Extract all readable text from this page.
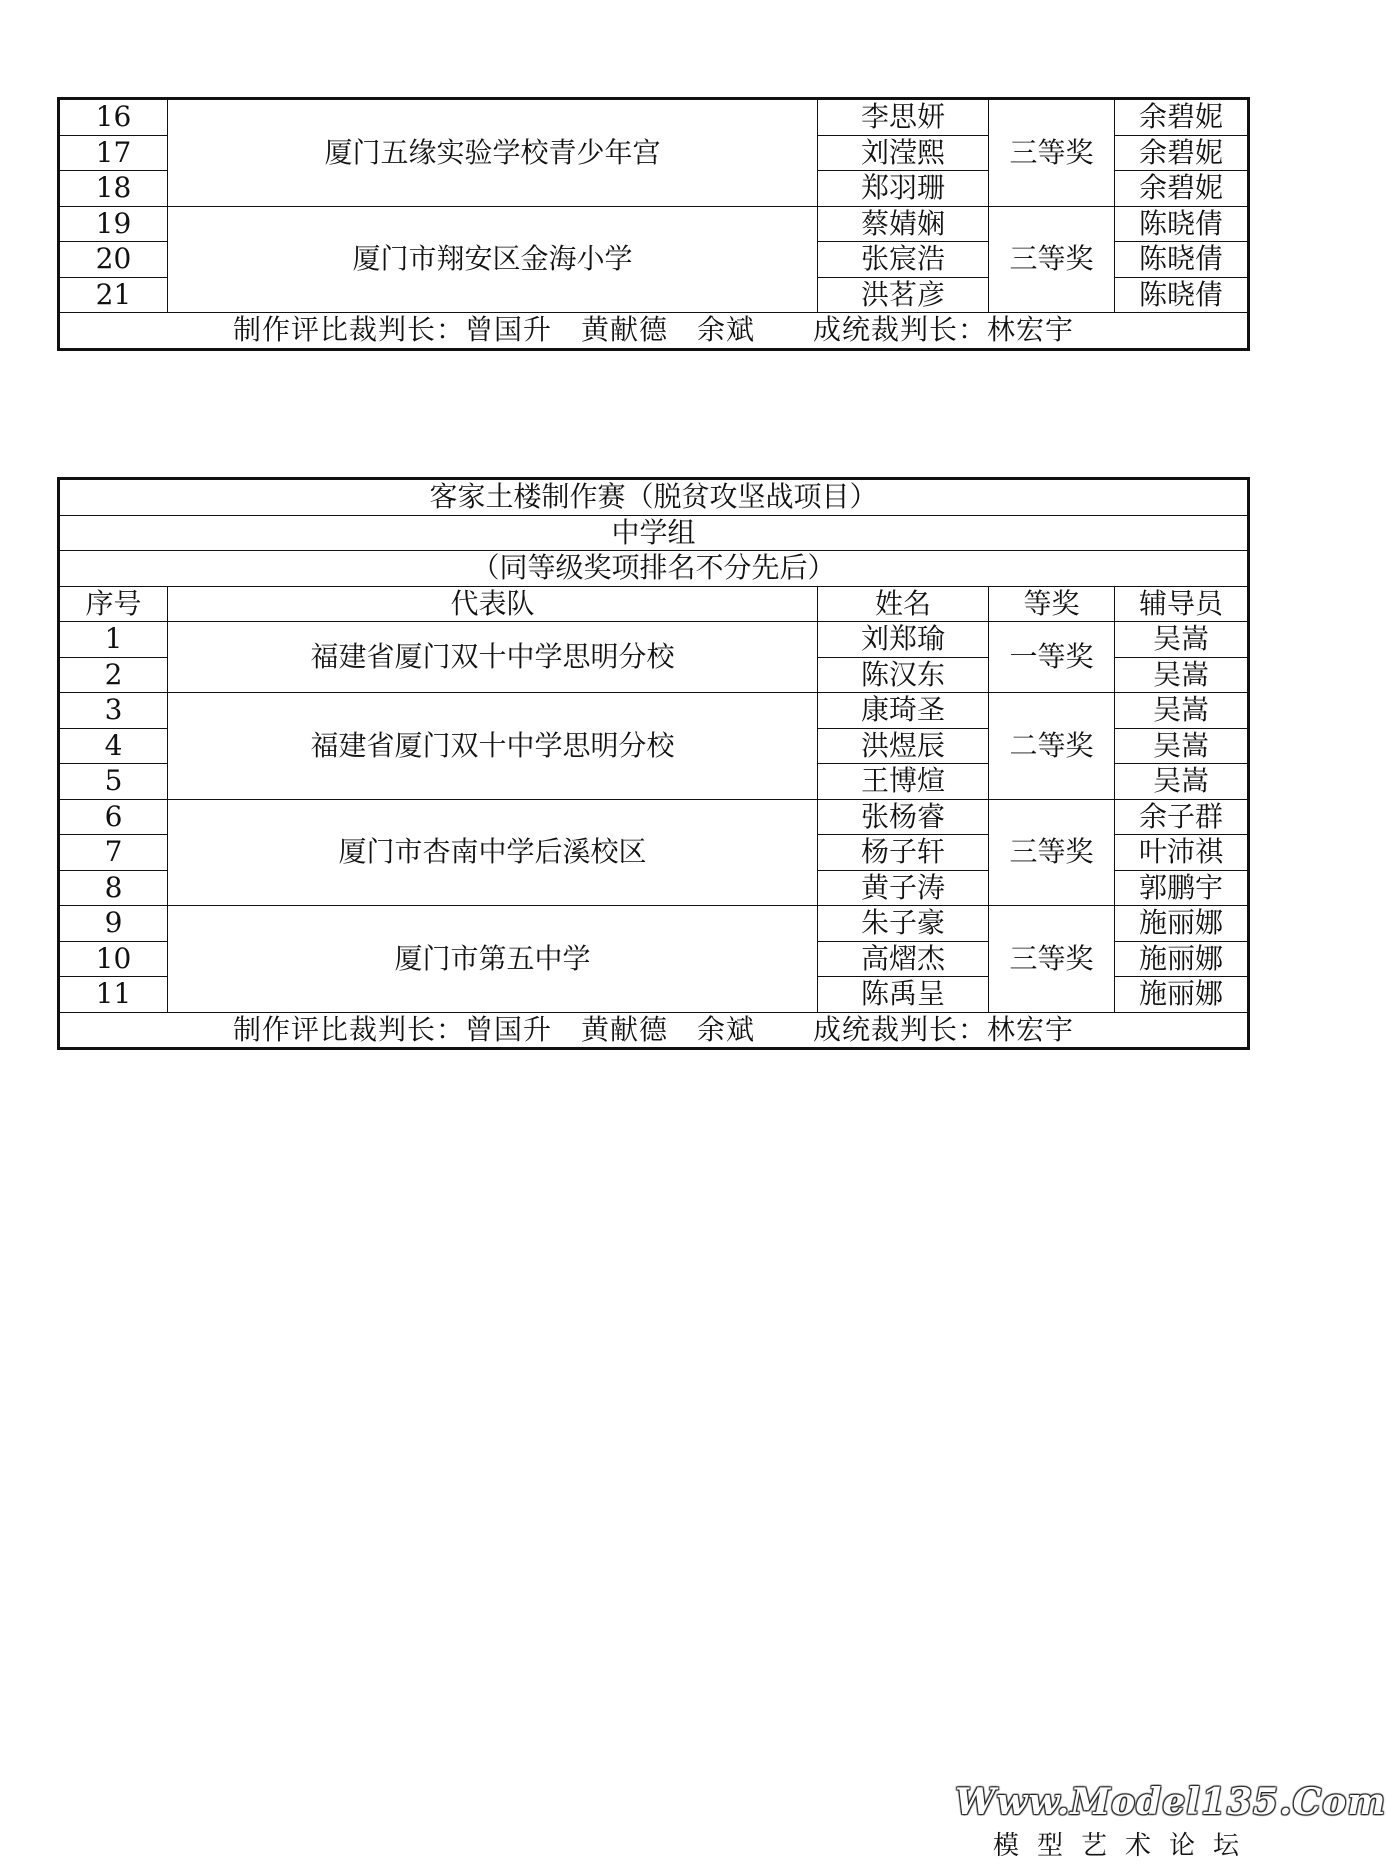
16	厦门五缘实验学校青少年宫	李思妍	三等奖	余碧妮
17		刘滢熙		余碧妮
18		郑羽珊		余碧妮
19	厦门市翔安区金海小学	蔡婧娴	三等奖	陈晓倩
20		张宸浩		陈晓倩
21		洪茗彦		陈晓倩
制作评比裁判长：曾国升　黄献德　余斌　　成统裁判长：林宏宇				
客家土楼制作赛（脱贫攻坚战项目）				
中学组				
（同等级奖项排名不分先后）				
序号	代表队	姓名	等奖	辅导员
1	福建省厦门双十中学思明分校	刘郑瑜	一等奖	吴嵩
2		陈汉东		吴嵩
3	福建省厦门双十中学思明分校	康琦圣	二等奖	吴嵩
4		洪煜辰		吴嵩
5		王博煊		吴嵩
6	厦门市杏南中学后溪校区	张杨睿	三等奖	余子群
7		杨子轩		叶沛祺
8		黄子涛		郭鹏宇
9	厦门市第五中学	朱子豪	三等奖	施丽娜
10		高熠杰		施丽娜
11		陈禹呈		施丽娜
制作评比裁判长：曾国升　黄献德　余斌　　成统裁判长：林宏宇				
Www.Model135.Com
模型艺术论坛
